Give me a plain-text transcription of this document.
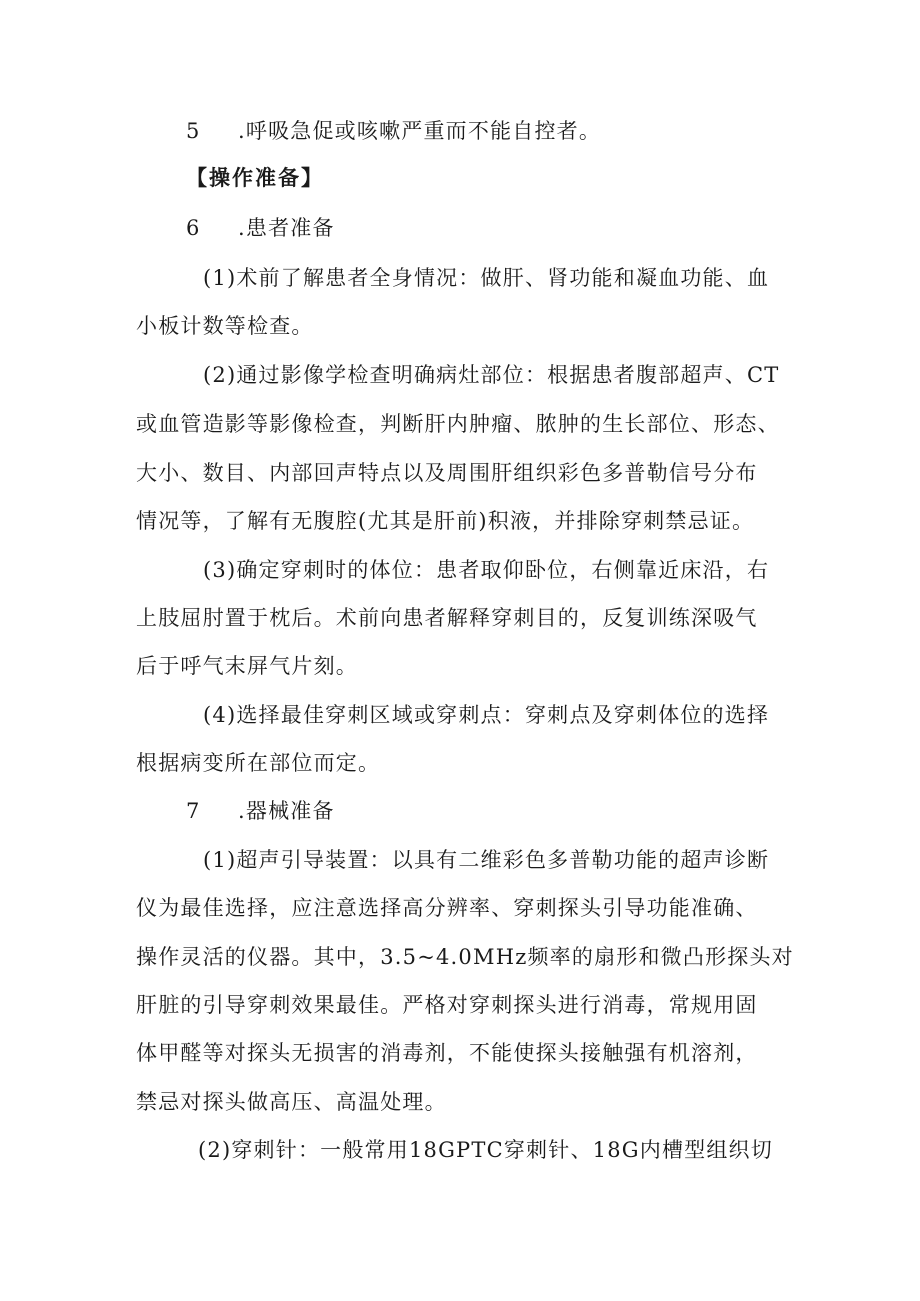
5 .呼吸急促或咳嗽严重而不能自控者。
【操作准备】
6 .患者准备
(1)术前了解患者全身情况：做肝、肾功能和凝血功能、血
小板计数等检查。
(2)通过影像学检查明确病灶部位：根据患者腹部超声、CT
或血管造影等影像检查，判断肝内肿瘤、脓肿的生长部位、形态、
大小、数目、内部回声特点以及周围肝组织彩色多普勒信号分布
情况等，了解有无腹腔(尤其是肝前)积液，并排除穿刺禁忌证。
(3)确定穿刺时的体位：患者取仰卧位，右侧靠近床沿，右
上肢屈肘置于枕后。术前向患者解释穿刺目的，反复训练深吸气
后于呼气末屏气片刻。
(4)选择最佳穿刺区域或穿刺点：穿刺点及穿刺体位的选择
根据病变所在部位而定。
7 .器械准备
(1)超声引导装置：以具有二维彩色多普勒功能的超声诊断
仪为最佳选择，应注意选择高分辨率、穿刺探头引导功能准确、
操作灵活的仪器。其中，3.5~4.0MHz频率的扇形和微凸形探头对
肝脏的引导穿刺效果最佳。严格对穿刺探头进行消毒，常规用固
体甲醛等对探头无损害的消毒剂，不能使探头接触强有机溶剂，
禁忌对探头做高压、高温处理。
(2)穿刺针：一般常用18GPTC穿刺针、18G内槽型组织切
